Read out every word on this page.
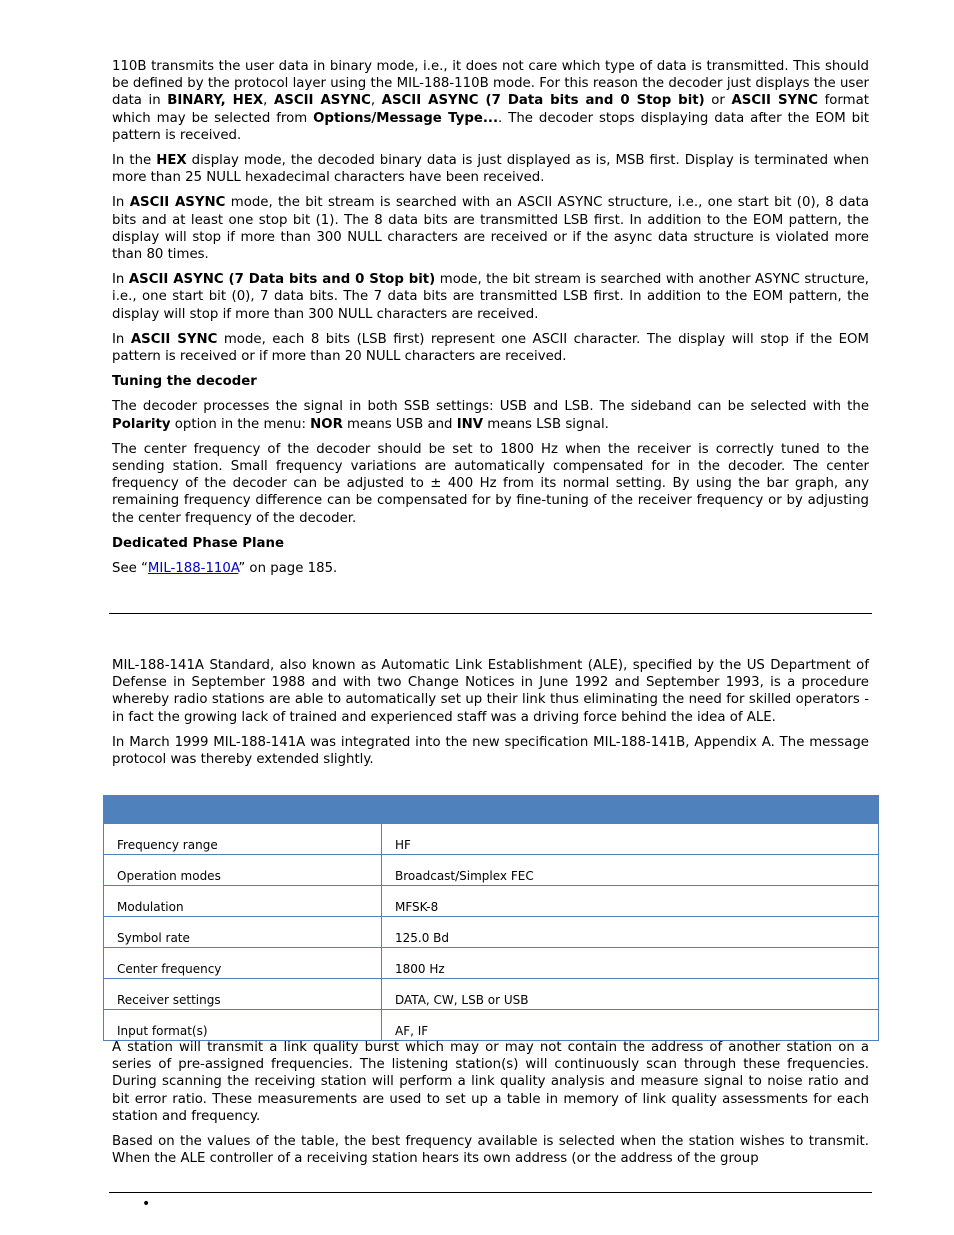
110B transmits the user data in binary mode, i.e., it does not care which type of data is transmitted. This should be defined by the protocol layer using the MIL-188-110B mode. For this reason the decoder just displays the user data in BINARY, HEX, ASCII ASYNC, ASCII ASYNC (7 Data bits and 0 Stop bit) or ASCII SYNC format which may be selected from Options/Message Type.... The decoder stops displaying data after the EOM bit pattern is received.

In the HEX display mode, the decoded binary data is just displayed as is, MSB first. Display is terminated when more than 25 NULL hexadecimal characters have been received.

In ASCII ASYNC mode, the bit stream is searched with an ASCII ASYNC structure, i.e., one start bit (0), 8 data bits and at least one stop bit (1). The 8 data bits are transmitted LSB first. In addition to the EOM pattern, the display will stop if more than 300 NULL characters are received or if the async data structure is violated more than 80 times.

In ASCII ASYNC (7 Data bits and 0 Stop bit) mode, the bit stream is searched with another ASYNC structure, i.e., one start bit (0), 7 data bits. The 7 data bits are transmitted LSB first. In addition to the EOM pattern, the display will stop if more than 300 NULL characters are received.

In ASCII SYNC mode, each 8 bits (LSB first) represent one ASCII character. The display will stop if the EOM pattern is received or if more than 20 NULL characters are received.

Tuning the decoder

The decoder processes the signal in both SSB settings: USB and LSB. The sideband can be selected with the Polarity option in the menu: NOR means USB and INV means LSB signal.

The center frequency of the decoder should be set to 1800 Hz when the receiver is correctly tuned to the sending station. Small frequency variations are automatically compensated for in the decoder. The center frequency of the decoder can be adjusted to ± 400 Hz from its normal setting. By using the bar graph, any remaining frequency difference can be compensated for by fine-tuning of the receiver frequency or by adjusting the center frequency of the decoder.

Dedicated Phase Plane

See “MIL-188-110A” on page 185.

MIL-188-141A Standard, also known as Automatic Link Establishment (ALE), specified by the US Department of Defense in September 1988 and with two Change Notices in June 1992 and September 1993, is a procedure whereby radio stations are able to automatically set up their link thus eliminating the need for skilled operators - in fact the growing lack of trained and experienced staff was a driving force behind the idea of ALE.

In March 1999 MIL-188-141A was integrated into the new specification MIL-188-141B, Appendix A. The message protocol was thereby extended slightly.

Frequency range	HF
Operation modes	Broadcast/Simplex FEC
Modulation	MFSK-8
Symbol rate	125.0 Bd
Center frequency	1800 Hz
Receiver settings	DATA, CW, LSB or USB
Input format(s)	AF, IF

A station will transmit a link quality burst which may or may not contain the address of another station on a series of pre-assigned frequencies. The listening station(s) will continuously scan through these frequencies. During scanning the receiving station will perform a link quality analysis and measure signal to noise ratio and bit error ratio. These measurements are used to set up a table in memory of link quality assessments for each station and frequency.

Based on the values of the table, the best frequency available is selected when the station wishes to transmit. When the ALE controller of a receiving station hears its own address (or the address of the group

•
